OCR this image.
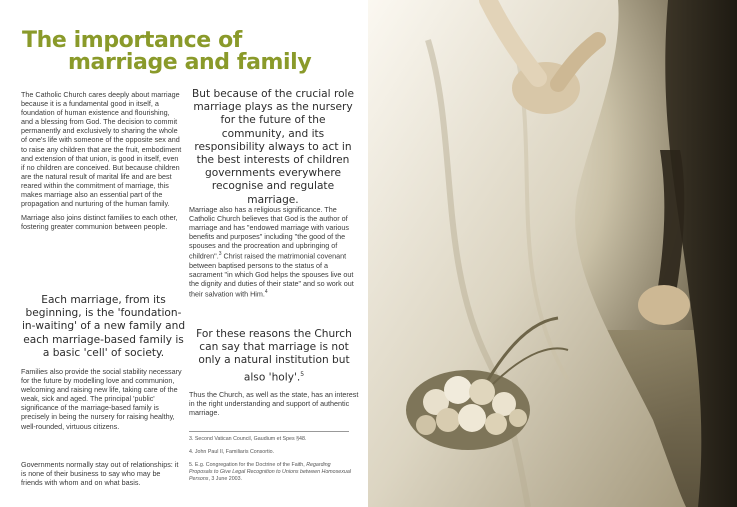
The importance of
marriage and family

The Catholic Church cares deeply about marriage because it is a fundamental good in itself, a foundation of human existence and flourishing, and a blessing from God. The decision to commit permanently and exclusively to sharing the whole of one's life with someone of the opposite sex and to raise any children that are the fruit, embodiment and extension of that union, is good in itself, even if no children are conceived. But because children are the natural result of marital life and are best reared within the commitment of marriage, this makes marriage also an essential part of the propagation and nurturing of the human family.

Marriage also joins distinct families to each other, fostering greater communion between people.

Each marriage, from its beginning, is the 'foundation-in-waiting' of a new family and each marriage-based family is a basic 'cell' of society.

Families also provide the social stability necessary for the future by modelling love and communion, welcoming and raising new life, taking care of the weak, sick and aged. The principal 'public' significance of the marriage-based family is precisely in being the nursery for raising healthy, well-rounded, virtuous citizens.

Governments normally stay out of relationships: it is none of their business to say who may be friends with whom and on what basis.

But because of the crucial role marriage plays as the nursery for the future of the community, and its responsibility always to act in the best interests of children governments everywhere recognise and regulate marriage.

Marriage also has a religious significance. The Catholic Church believes that God is the author of marriage and has "endowed marriage with various benefits and purposes" including "the good of the spouses and the procreation and upbringing of children".$^3$ Christ raised the matrimonial covenant between baptised persons to the status of a sacrament "in which God helps the spouses live out the dignity and duties of their state" and so work out their salvation with Him.$^4$

For these reasons the Church can say that marriage is not only a natural institution but also 'holy'.$^5$

Thus the Church, as well as the state, has an interest in the right understanding and support of authentic marriage.

3. Second Vatican Council, Gaudium et Spes §48.
4. John Paul II, Familiaris Consortio.
5. E.g. Congregation for the Doctrine of the Faith, Regarding Proposals to Give Legal Recognition to Unions between Homosexual Persons, 3 June 2003.
